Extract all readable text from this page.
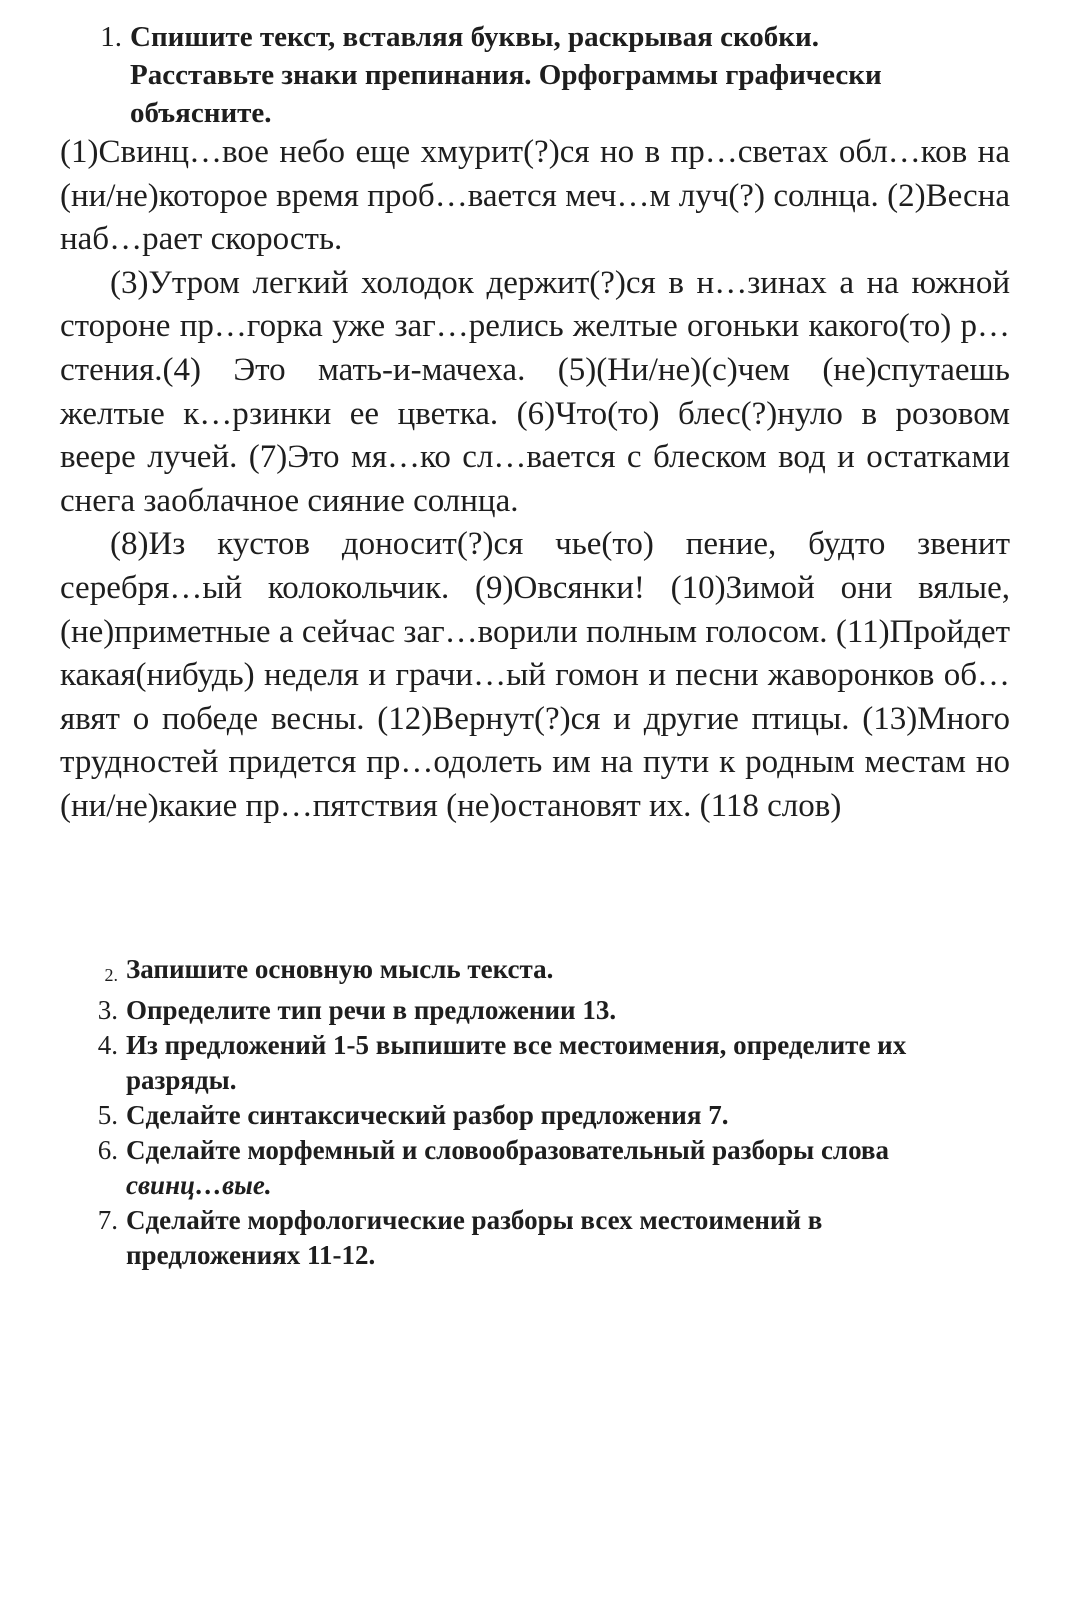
1. Спишите текст, вставляя буквы, раскрывая скобки. Расставьте знаки препинания. Орфограммы графически объясните.

(1)Свинц…вое небо еще хмурит(?)ся но в пр…светах обл…ков на (ни/не)которое время проб…вается меч…м луч(?) солнца. (2)Весна наб…рает скорость.

(3)Утром легкий холодок держит(?)ся в н…зинах а на южной стороне пр…горка уже заг…релись желтые огоньки какого(то) р…стения.(4) Это мать-и-мачеха. (5)(Ни/не)(с)чем (не)спутаешь желтые к…рзинки ее цветка. (6)Что(то) блес(?)нуло в розовом веере лучей. (7)Это мя…ко сл…вается с блеском вод и остатками снега заоблачное сияние солнца.

(8)Из кустов доносит(?)ся чье(то) пение, будто звенит серебря…ый колокольчик. (9)Овсянки! (10)Зимой они вялые, (не)приметные а сейчас заг…ворили полным голосом. (11)Пройдет какая(нибудь) неделя и грачи…ый гомон и песни жаворонков об…явят о победе весны. (12)Вернут(?)ся и другие птицы. (13)Много трудностей придется пр…одолеть им на пути к родным местам но (ни/не)какие пр…пятствия (не)остановят их. (118 слов)

2. Запишите основную мысль текста.
3. Определите тип речи в предложении 13.
4. Из предложений 1-5 выпишите все местоимения, определите их разряды.
5. Сделайте синтаксический разбор предложения 7.
6. Сделайте морфемный и словообразовательный разборы слова свинц…вые.
7. Сделайте морфологические разборы всех местоимений в предложениях 11-12.
